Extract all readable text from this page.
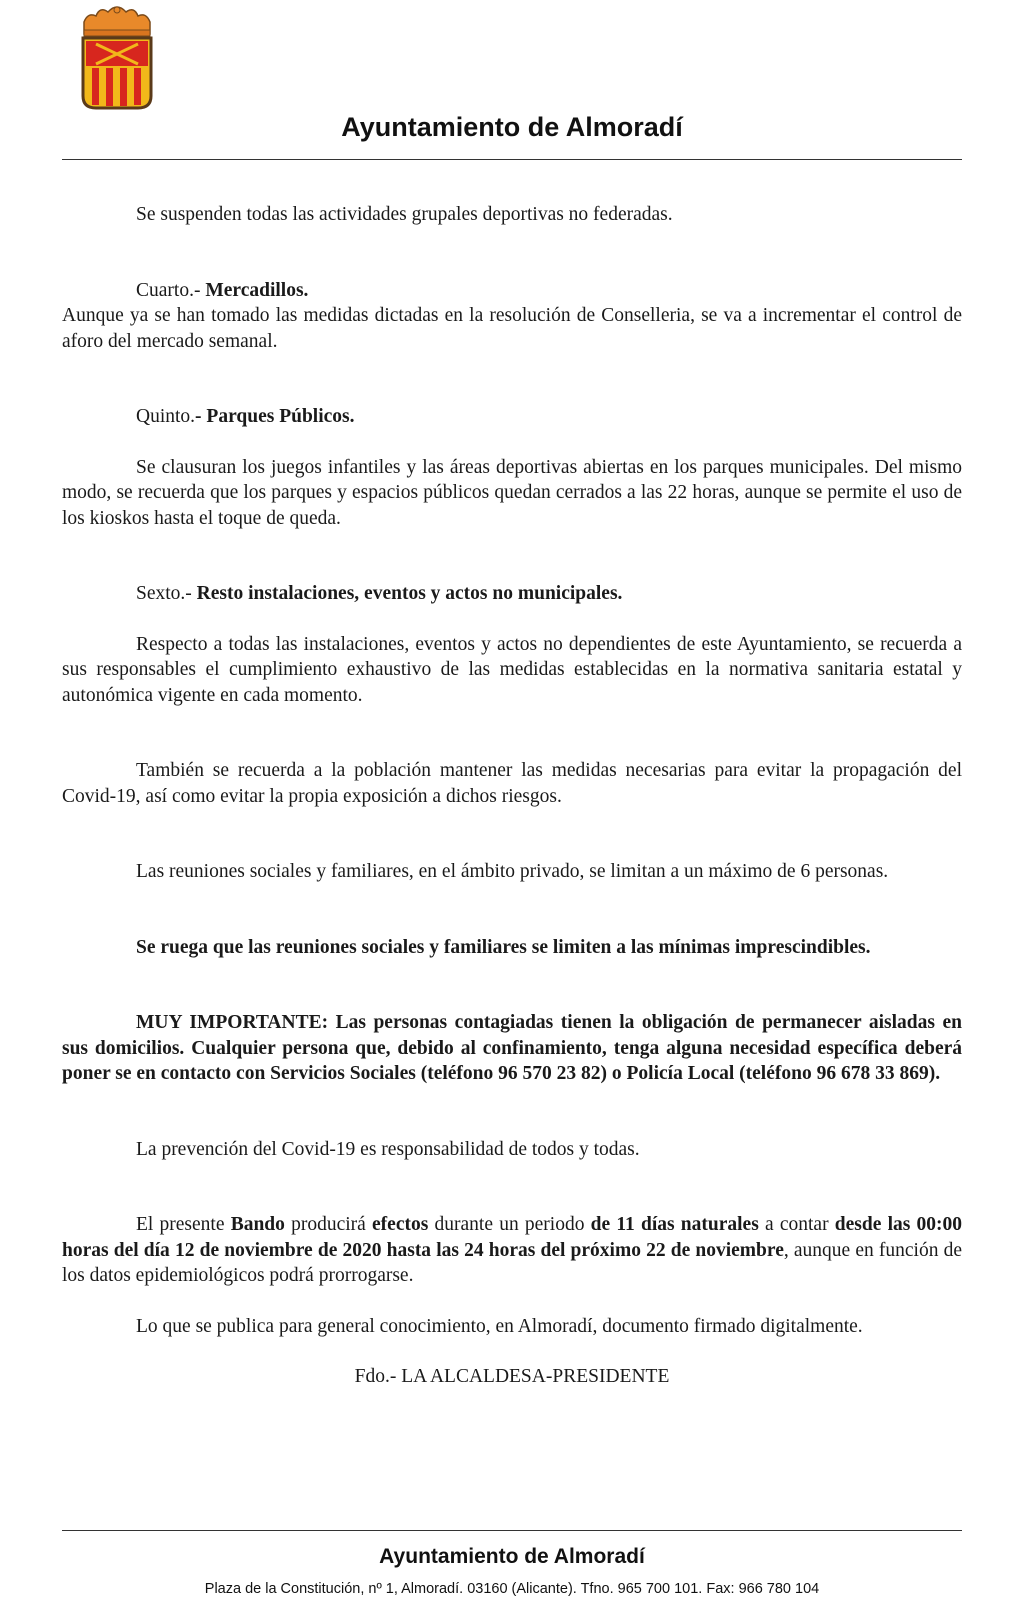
Ayuntamiento de Almoradí

Se suspenden todas las actividades grupales deportivas no federadas.

Cuarto.- Mercadillos.

Aunque ya se han tomado las medidas dictadas en la resolución de Conselleria, se va a incrementar el control de aforo del mercado semanal.

Quinto.- Parques Públicos.

Se clausuran los juegos infantiles y las áreas deportivas abiertas en los parques municipales. Del mismo modo, se recuerda que los parques y espacios públicos quedan cerrados a las 22 horas, aunque se permite el uso de los kioskos hasta el toque de queda.

Sexto.- Resto instalaciones, eventos y actos no municipales.

Respecto a todas las instalaciones, eventos y actos no dependientes de este Ayuntamiento, se recuerda a sus responsables el cumplimiento exhaustivo de las medidas establecidas en la normativa sanitaria estatal y autonómica vigente en cada momento.

También se recuerda a la población mantener las medidas necesarias para evitar la propagación del Covid-19, así como evitar la propia exposición a dichos riesgos.

Las reuniones sociales y familiares, en el ámbito privado, se limitan a un máximo de 6 personas.

Se ruega que las reuniones sociales y familiares se limiten a las mínimas imprescindibles.

MUY IMPORTANTE: Las personas contagiadas tienen la obligación de permanecer aisladas en sus domicilios. Cualquier persona que, debido al confinamiento, tenga alguna necesidad específica deberá poner se en contacto con Servicios Sociales (teléfono 96 570 23 82) o Policía Local (teléfono 96 678 33 869).

La prevención del Covid-19 es responsabilidad de todos y todas.

El presente Bando producirá efectos durante un periodo de 11 días naturales a contar desde las 00:00 horas del día 12 de noviembre de 2020 hasta las 24 horas del próximo 22 de noviembre, aunque en función de los datos epidemiológicos podrá prorrogarse.

Lo que se publica para general conocimiento, en Almoradí, documento firmado digitalmente.

Fdo.- LA ALCALDESA-PRESIDENTE

Ayuntamiento de Almoradí
Plaza de la Constitución, nº 1, Almoradí. 03160 (Alicante). Tfno. 965 700 101. Fax: 966 780 104
